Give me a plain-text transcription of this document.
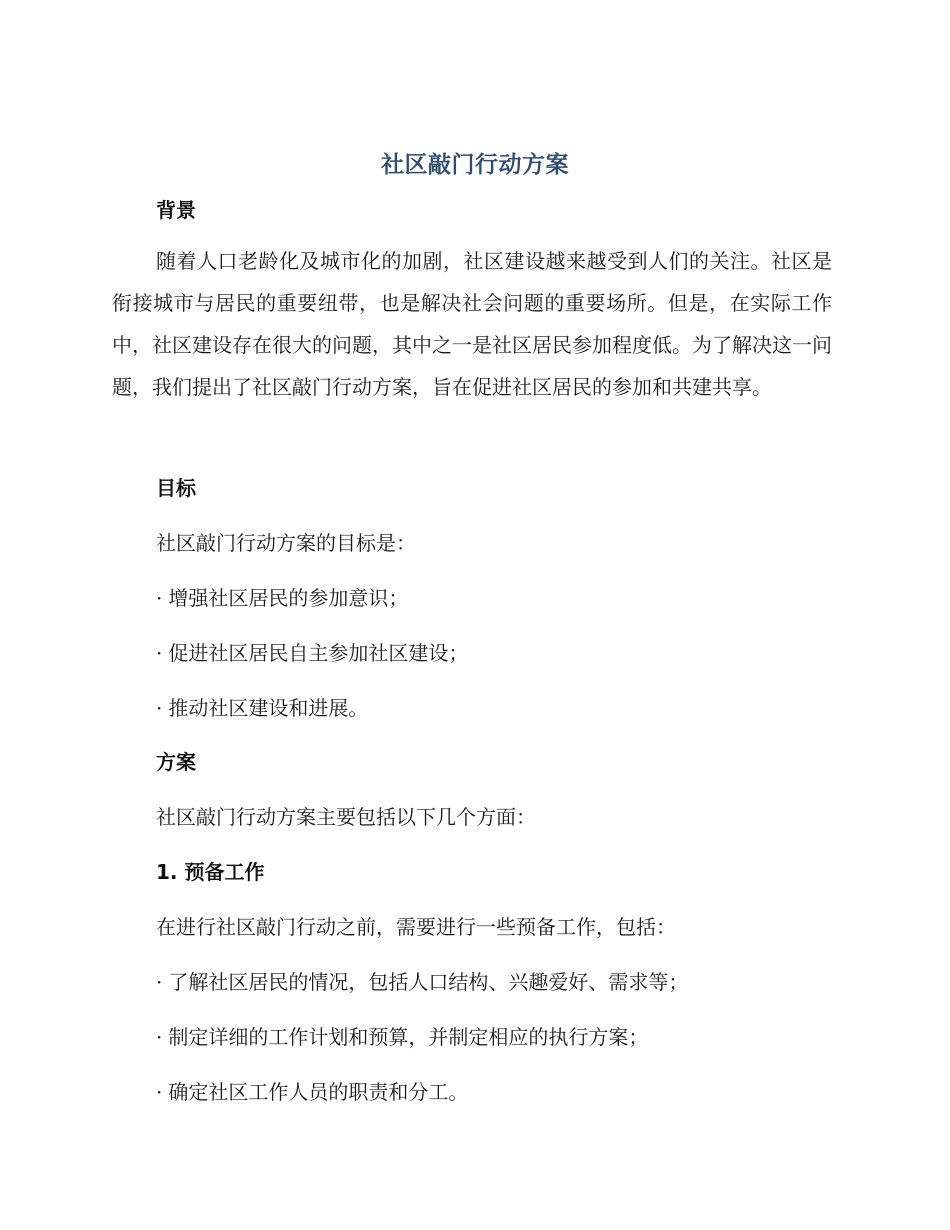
社区敲门行动方案
背景
随着人口老龄化及城市化的加剧，社区建设越来越受到人们的关注。社区是衔接城市与居民的重要纽带，也是解决社会问题的重要场所。但是，在实际工作中，社区建设存在很大的问题，其中之一是社区居民参加程度低。为了解决这一问题，我们提出了社区敲门行动方案，旨在促进社区居民的参加和共建共享。
目标
社区敲门行动方案的目标是：
· 增强社区居民的参加意识；
· 促进社区居民自主参加社区建设；
· 推动社区建设和进展。
方案
社区敲门行动方案主要包括以下几个方面：
1. 预备工作
在进行社区敲门行动之前，需要进行一些预备工作，包括：
· 了解社区居民的情况，包括人口结构、兴趣爱好、需求等；
· 制定详细的工作计划和预算，并制定相应的执行方案；
· 确定社区工作人员的职责和分工。
